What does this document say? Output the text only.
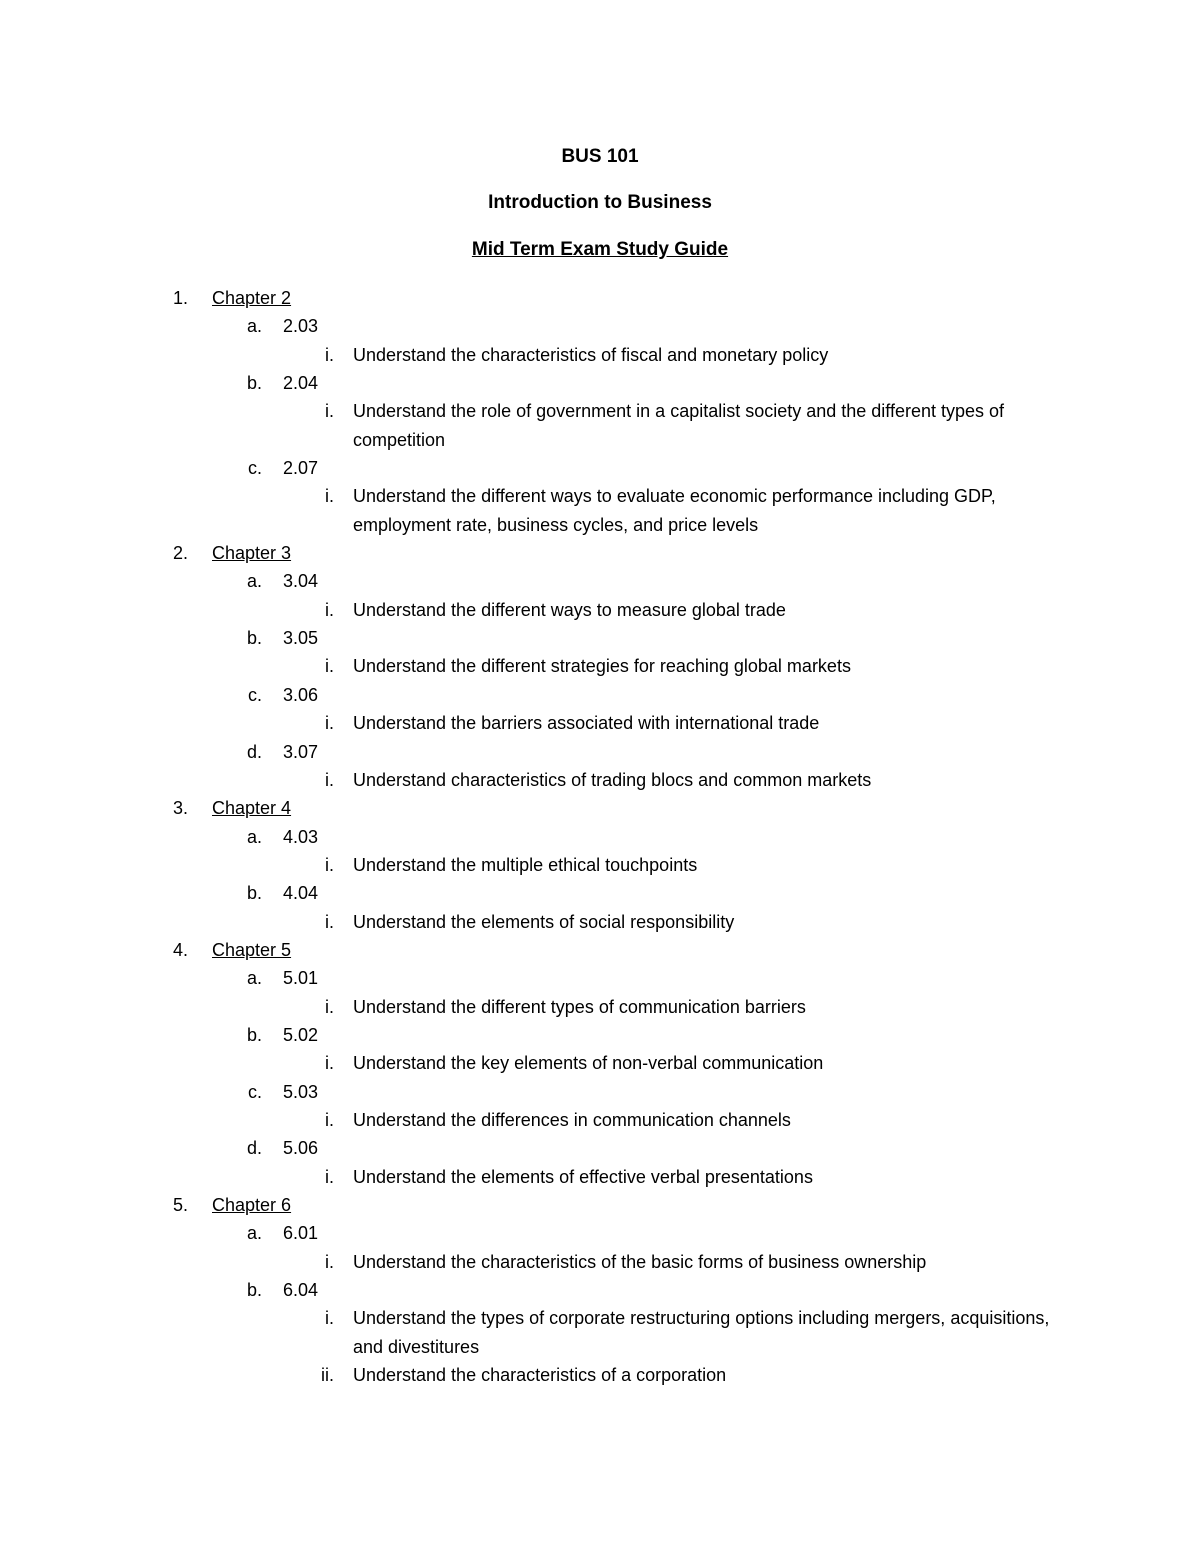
BUS 101
Introduction to Business
Mid Term Exam Study Guide
1. Chapter 2
a. 2.03
i. Understand the characteristics of fiscal and monetary policy
b. 2.04
i. Understand the role of government in a capitalist society and the different types of competition
c. 2.07
i. Understand the different ways to evaluate economic performance including GDP, employment rate, business cycles, and price levels
2. Chapter 3
a. 3.04
i. Understand the different ways to measure global trade
b. 3.05
i. Understand the different strategies for reaching global markets
c. 3.06
i. Understand the barriers associated with international trade
d. 3.07
i. Understand characteristics of trading blocs and common markets
3. Chapter 4
a. 4.03
i. Understand the multiple ethical touchpoints
b. 4.04
i. Understand the elements of social responsibility
4. Chapter 5
a. 5.01
i. Understand the different types of communication barriers
b. 5.02
i. Understand the key elements of non-verbal communication
c. 5.03
i. Understand the differences in communication channels
d. 5.06
i. Understand the elements of effective verbal presentations
5. Chapter 6
a. 6.01
i. Understand the characteristics of the basic forms of business ownership
b. 6.04
i. Understand the types of corporate restructuring options including mergers, acquisitions, and divestitures
ii. Understand the characteristics of a corporation
